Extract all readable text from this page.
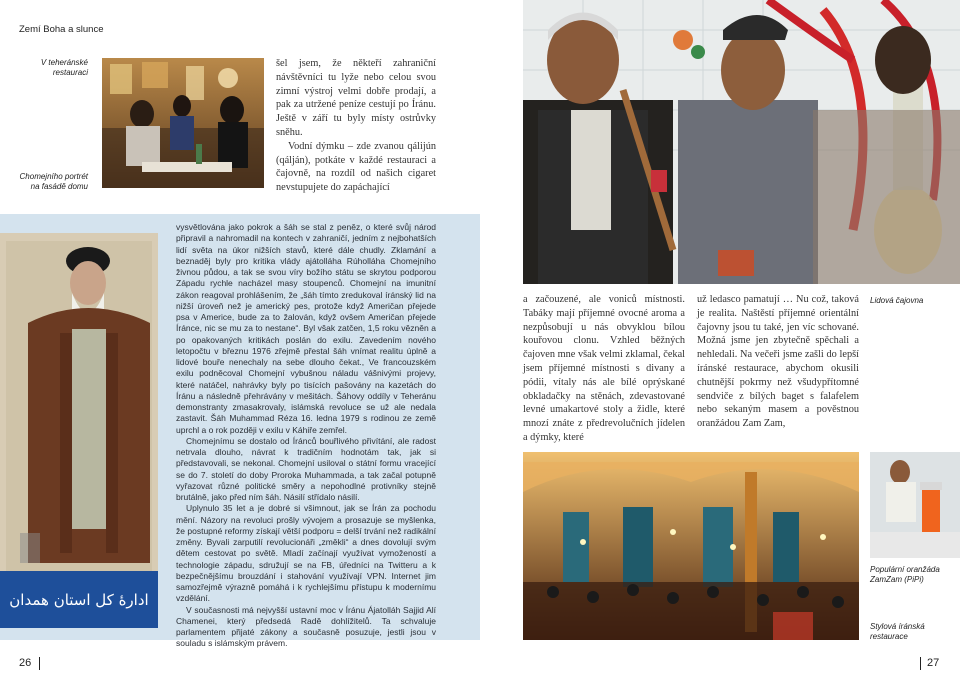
Zemí Boha a slunce
V teheránské
restauraci
Chomejního portrét
na fasádě domu

šel jsem, že někteří zahraniční návštěvníci tu lyže nebo celou svou zimní výstroj velmi dobře prodají, a pak za utržené peníze cestují po Íránu. Ještě v září tu byly místy ostrůvky sněhu.

Vodní dýmku – zde zvanou qálijún (qálján), potkáte v každé restauraci a čajovně, na rozdíl od našich cigaret nevstupujete do zapáchající

ادارۀ کل استان همدان

vysvětlována jako pokrok a šáh se stal z peněz, o které svůj národ připravil a nahromadil na kontech v zahraničí, jedním z nejbohatších lidí světa na úkor nižších stavů, které dále chudly. Zklamání a beznaděj byly pro kritika vlády ajátolláha Rúholláha Chomejního živnou půdou, a tak se svou víry božího státu se skrytou podporou Západu rychle nacházel masy stoupenců. Chomejní na imunitní zákon reagoval prohlášením, že „šáh tímto zredukoval íránský lid na nižší úroveň než je americký pes, protože když Američan přejede psa v Americe, bude za to žalován, když ovšem Američan přejede Íránce, nic se mu za to nestane“. Byl však zatčen, 1,5 roku vězněn a po opakovaných kritikách poslán do exilu. Zavedením nového letopočtu v březnu 1976 zřejmě přestal šáh vnímat realitu úplně a lidové bouře nenechaly na sebe dlouho čekat., Ve francouzském exilu podněcoval Chomejní vybušnou náladu vášnivými projevy, které natáčel, nahrávky byly po tisících pašovány na kazetách do Íránu a následně přehrávány v mešitách. Šáhovy oddíly v Teheránu demonstranty zmasakrovaly, islámská revoluce se už ale nedala zastavit. Šáh Muhammad Réza 16. ledna 1979 s rodinou ze země uprchl a o rok později v exilu v Káhiře zemřel.

Chomejnímu se dostalo od Íránců bouřlivého přivítání, ale radost netrvala dlouho, návrat k tradičním hodnotám tak, jak si představovali, se nekonal. Chomejní usiloval o státní formu vracející se do 7. století do doby Proroka Muhammada, a tak začal potupně vyřazovat různé politické směry a nepohodlné protivníky stejně brutálně, jako před ním šáh. Násilí střídalo násilí.

Uplynulo 35 let a je dobré si všimnout, jak se Írán za pochodu mění. Názory na revoluci prošly vývojem a prosazuje se myšlenka, že postupné reformy získají větší podporu = delší trvání než radikální změny. Byvali zarputilí revolucionáři „změkli“ a dnes dovolují svým dětem cestovat po světě. Mladí začínají využívat vymožeností a technologie západu, sdružují se na FB, úředníci na Twitteru a k bezpečnějšímu brouzdání i stahování využívají VPN. Internet jim samozřejmě výrazně pomáhá i k rychlejšímu přístupu k modernímu vzdělání.

V současnosti má nejvyšší ustavní moc v Íránu Ájatolláh Sajjid Alí Chamenei, který předsedá Radě dohlížitelů. Ta schvaluje parlamentem přijaté zákony a současně posuzuje, jestli jsou v souladu s islámským právem.

a začouzené, ale voniců místnosti. Tabáky mají příjemné ovocné aroma a nezpůsobují u nás obvyklou bílou kouřovou clonu. Vzhled běžných čajoven mne však velmi zklamal, čekal jsem příjemné místnosti s divany a pódii, vítaly nás ale bílé oprýskané obkladačky na stěnách, zdevastované levné umakartové stoly a židle, které mnozí znáte z předrevolučních jídelen a dýmky, které

už ledasco pamatují … Nu což, taková je realita. Naštěstí příjemné orientální čajovny jsou tu také, jen víc schované. Možná jsme jen zbytečně spěchali a nehledali. Na večeři jsme zašli do lepší íránské restaurace, abychom okusili chutnější pokrmy než všudypřítomné sendviče z bílých baget s falafelem nebo sekaným masem a pověstnou oranžádou Zam Zam,

Lidová čajovna
Populární oranžáda
ZamZam (PiPi)
Stylová íránská
restaurace
26	27
